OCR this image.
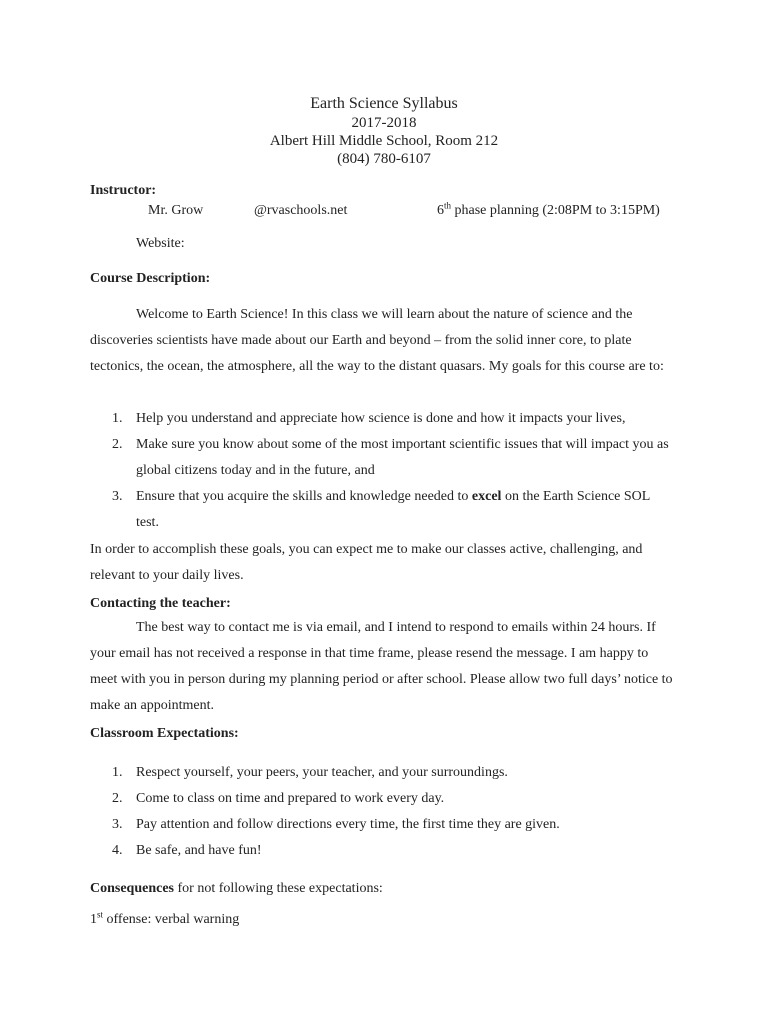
Earth Science Syllabus
2017-2018
Albert Hill Middle School, Room 212
(804) 780-6107
Instructor:
Mr. Grow	@rvaschools.net	6th phase planning (2:08PM to 3:15PM)
Website:
Course Description:
Welcome to Earth Science! In this class we will learn about the nature of science and the discoveries scientists have made about our Earth and beyond – from the solid inner core, to plate tectonics, the ocean, the atmosphere, all the way to the distant quasars. My goals for this course are to:
1. Help you understand and appreciate how science is done and how it impacts your lives,
2. Make sure you know about some of the most important scientific issues that will impact you as global citizens today and in the future, and
3. Ensure that you acquire the skills and knowledge needed to excel on the Earth Science SOL test.
In order to accomplish these goals, you can expect me to make our classes active, challenging, and relevant to your daily lives.
Contacting the teacher:
The best way to contact me is via email, and I intend to respond to emails within 24 hours. If your email has not received a response in that time frame, please resend the message. I am happy to meet with you in person during my planning period or after school. Please allow two full days’ notice to make an appointment.
Classroom Expectations:
1. Respect yourself, your peers, your teacher, and your surroundings.
2. Come to class on time and prepared to work every day.
3. Pay attention and follow directions every time, the first time they are given.
4. Be safe, and have fun!
Consequences for not following these expectations:
1st offense: verbal warning
